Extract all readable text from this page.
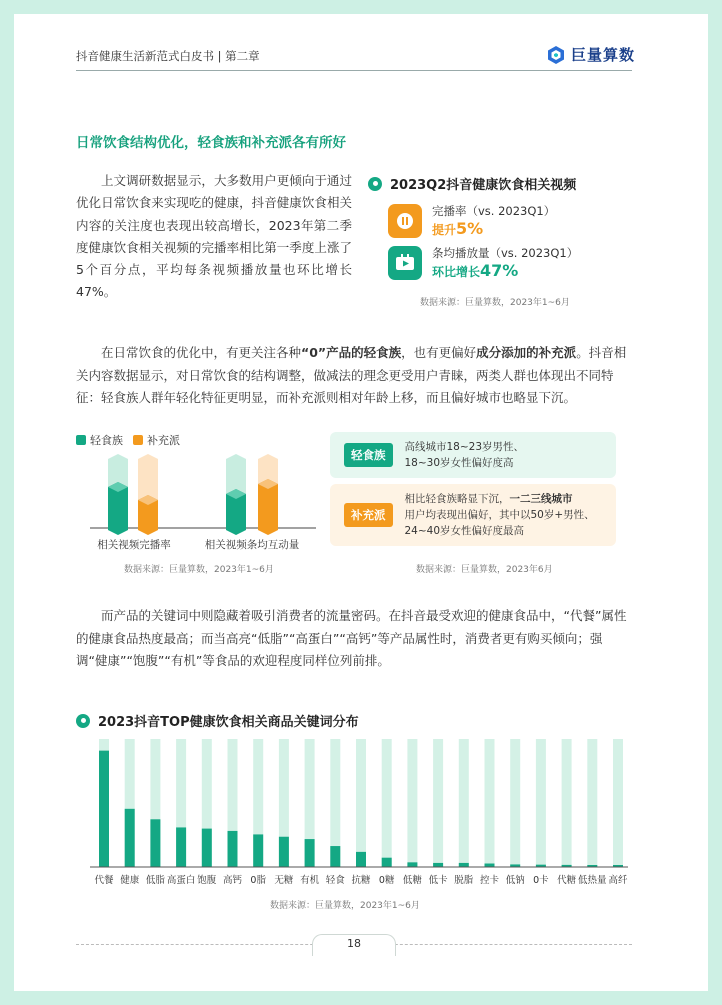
抖音健康生活新范式白皮书 | 第二章	巨量算数
日常饮食结构优化，轻食族和补充派各有所好
上文调研数据显示，大多数用户更倾向于通过优化日常饮食来实现吃的健康，抖音健康饮食相关内容的关注度也表现出较高增长，2023年第二季度健康饮食相关视频的完播率相比第一季度上涨了5个百分点，平均每条视频播放量也环比增长47%。
2023Q2抖音健康饮食相关视频
完播率（vs. 2023Q1）
提升5%
条均播放量（vs. 2023Q1）
环比增长47%
数据来源：巨量算数，2023年1~6月
在日常饮食的优化中，有更关注各种“0”产品的轻食族，也有更偏好成分添加的补充派。抖音相关内容数据显示，对日常饮食的结构调整，做减法的理念更受用户青睐，两类人群也体现出不同特征：轻食族人群年轻化特征更明显，而补充派则相对年龄上移，而且偏好城市也略显下沉。
轻食族 补充派
相关视频完播率	相关视频条均互动量
数据来源：巨量算数，2023年1~6月
轻食族
高线城市18~23岁男性、
18~30岁女性偏好度高
补充派
相比轻食族略显下沉，一二三线城市
用户均表现出偏好，其中以50岁+男性、
24~40岁女性偏好度最高
数据来源：巨量算数，2023年6月
而产品的关键词中则隐藏着吸引消费者的流量密码。在抖音最受欢迎的健康食品中，“代餐”属性的健康食品热度最高；而当高亮“低脂”“高蛋白”“高钙”等产品属性时，消费者更有购买倾向；强调“健康”“饱腹”“有机”等食品的欢迎程度同样位列前排。
2023抖音TOP健康饮食相关商品关键词分布
代餐 健康 低脂 高蛋白 饱腹 高钙 0脂 无糖 有机 轻食 抗糖 0糖 低糖 低卡 脱脂 控卡 低钠 0卡 代糖 低热量 高纤
数据来源：巨量算数，2023年1~6月
18
